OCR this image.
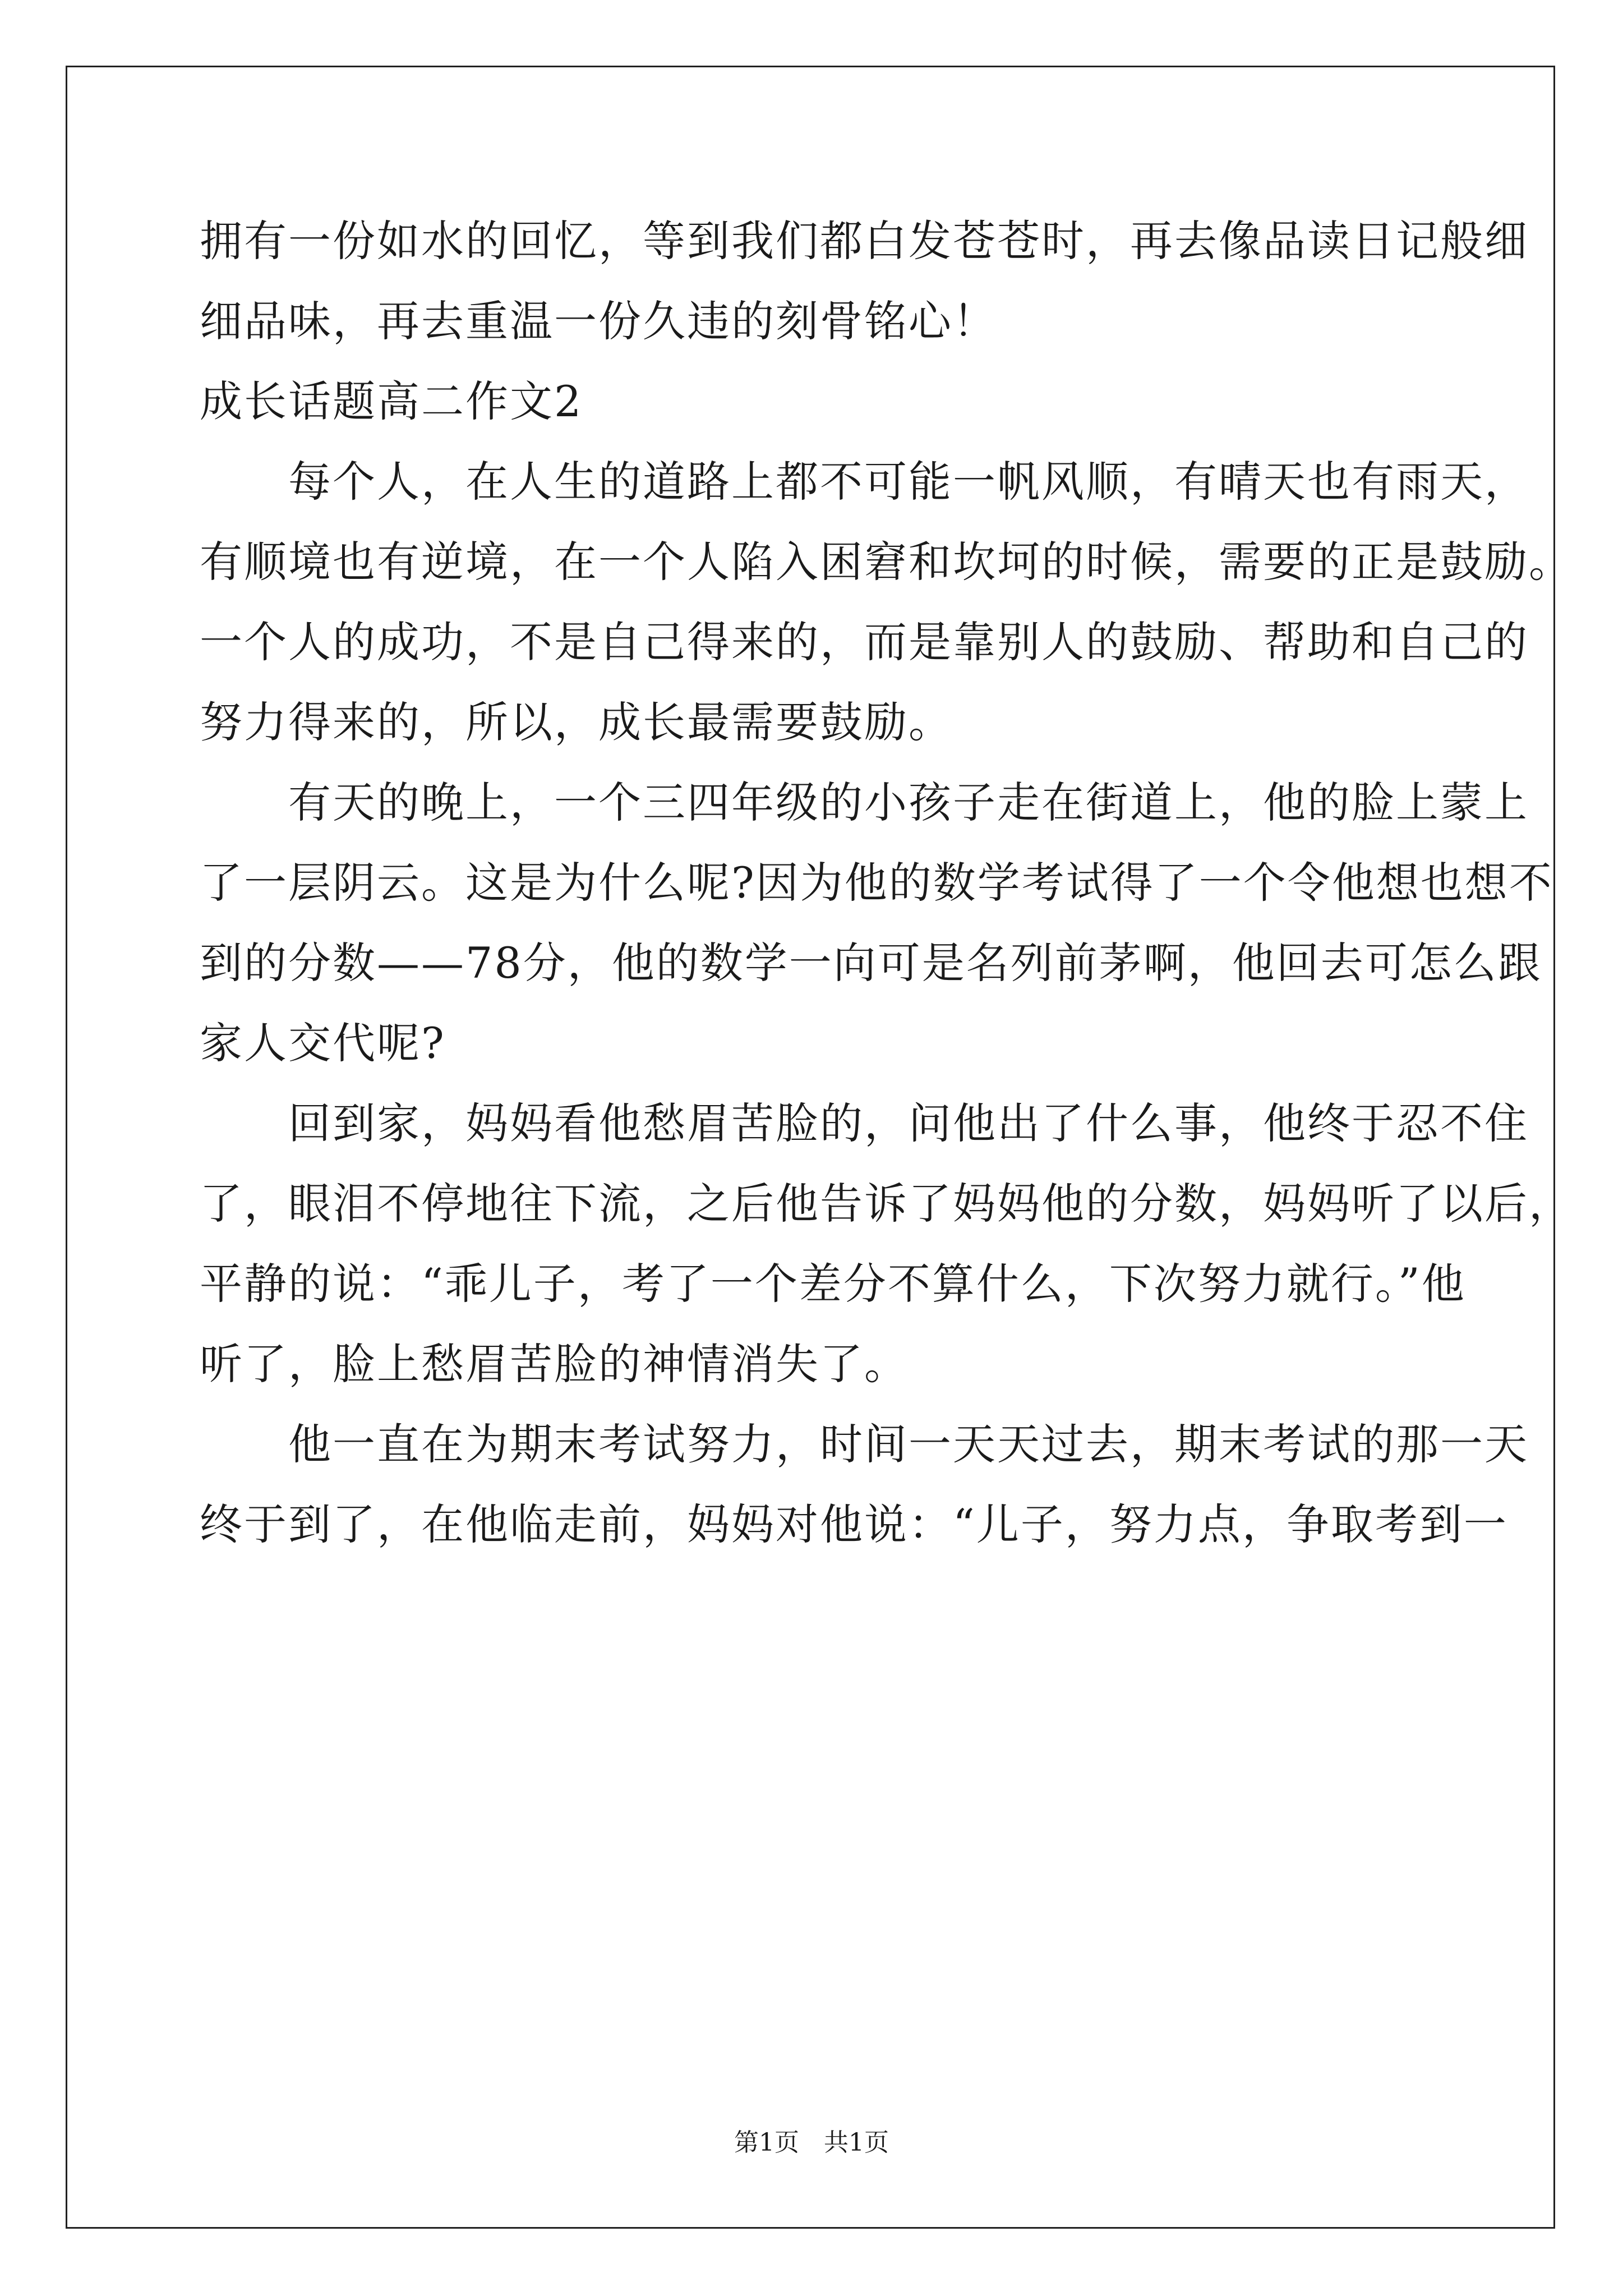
拥有一份如水的回忆，等到我们都白发苍苍时，再去像品读日记般细
细品味，再去重温一份久违的刻骨铭心！
成长话题高二作文2
　　每个人，在人生的道路上都不可能一帆风顺，有晴天也有雨天，
有顺境也有逆境，在一个人陷入困窘和坎坷的时候，需要的正是鼓励。
一个人的成功，不是自己得来的，而是靠别人的鼓励、帮助和自己的
努力得来的，所以，成长最需要鼓励。
　　有天的晚上，一个三四年级的小孩子走在街道上，他的脸上蒙上
了一层阴云。这是为什么呢?因为他的数学考试得了一个令他想也想不
到的分数——78分，他的数学一向可是名列前茅啊，他回去可怎么跟
家人交代呢?
　　回到家，妈妈看他愁眉苦脸的，问他出了什么事，他终于忍不住
了，眼泪不停地往下流，之后他告诉了妈妈他的分数，妈妈听了以后，
平静的说：“乖儿子，考了一个差分不算什么，下次努力就行。”他
听了，脸上愁眉苦脸的神情消失了。
　　他一直在为期末考试努力，时间一天天过去，期末考试的那一天
终于到了，在他临走前，妈妈对他说：“儿子，努力点，争取考到一
第1页　共1页
